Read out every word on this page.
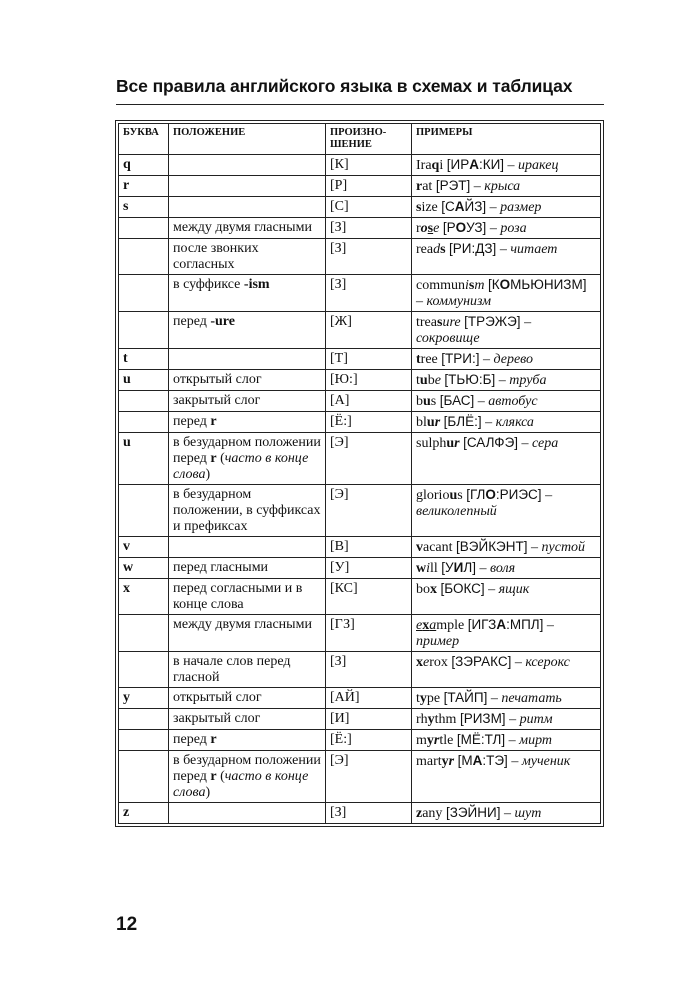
Все правила английского языка в схемах и таблицах
БУКВА	ПОЛОЖЕНИЕ	ПРОИЗНО-ШЕНИЕ	ПРИМЕРЫ
q		[К]	Iraqi [ИРА:КИ] – иракец
r		[Р]	rat [РЭТ] – крыса
s		[С]	size [САЙЗ] – размер
	между двумя гласными	[З]	rose [РОУЗ] – роза
	после звонких согласных	[З]	reads [РИ:ДЗ] – читает
	в суффиксе -ism	[З]	communism [КОМЬЮНИЗМ] – коммунизм
	перед -ure	[Ж]	treasure [ТРЭЖЭ] – сокровище
t		[Т]	tree [ТРИ:] – дерево
u	открытый слог	[Ю:]	tube [ТЬЮ:Б] – труба
	закрытый слог	[А]	bus [БАС] – автобус
	перед r	[Ё:]	blur [БЛЁ:] – клякса
u	в безударном положении перед r (часто в конце слова)	[Э]	sulphur [САЛФЭ] – сера
	в безударном положении, в суффиксах и префиксах	[Э]	glorious [ГЛО:РИЭС] – великолепный
v		[В]	vacant [ВЭЙКЭНТ] – пустой
w	перед гласными	[У]	will [УИЛ] – воля
x	перед согласными и в конце слова	[КС]	box [БОКС] – ящик
	между двумя гласными	[ГЗ]	example [ИГЗА:МПЛ] – пример
	в начале слов перед гласной	[З]	xerox [ЗЭРАКС] – ксерокс
y	открытый слог	[АЙ]	type [ТАЙП] – печатать
	закрытый слог	[И]	rhythm [РИЗМ] – ритм
	перед r	[Ё:]	myrtle [МЁ:ТЛ] – мирт
	в безударном положении перед r (часто в конце слова)	[Э]	martyr [МА:ТЭ] – мученик
z		[З]	zany [ЗЭЙНИ] – шут
12
